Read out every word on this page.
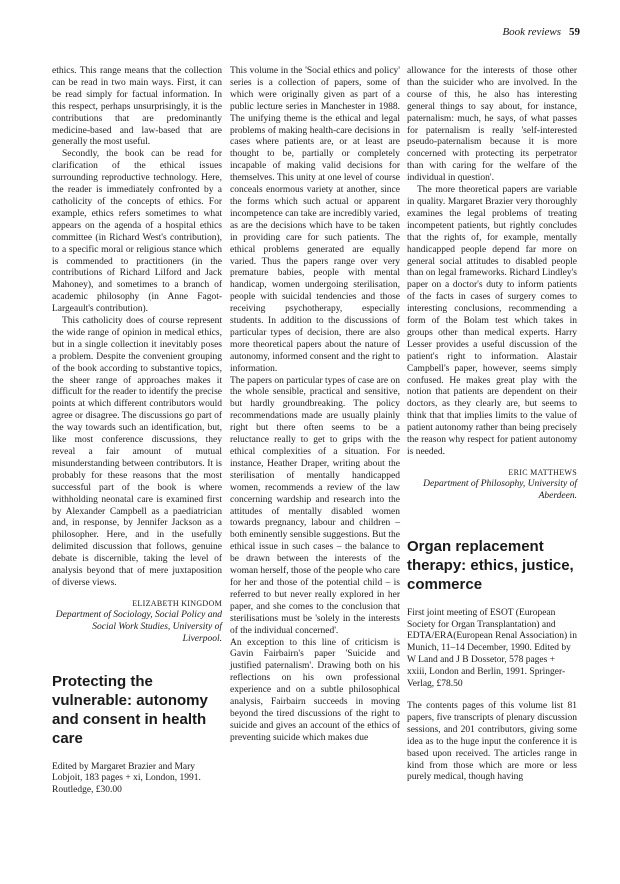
Book reviews 59

ethics. This range means that the collection can be read in two main ways. First, it can be read simply for factual information. In this respect, perhaps unsurprisingly, it is the contributions that are predominantly medicine-based and law-based that are generally the most useful.

Secondly, the book can be read for clarification of the ethical issues surrounding reproductive technology. Here, the reader is immediately confronted by a catholicity of the concepts of ethics. For example, ethics refers sometimes to what appears on the agenda of a hospital ethics committee (in Richard West's contribution), to a specific moral or religious stance which is commended to practitioners (in the contributions of Richard Lilford and Jack Mahoney), and sometimes to a branch of academic philosophy (in Anne Fagot-Largeault's contribution).

This catholicity does of course represent the wide range of opinion in medical ethics, but in a single collection it inevitably poses a problem. Despite the convenient grouping of the book according to substantive topics, the sheer range of approaches makes it difficult for the reader to identify the precise points at which different contributors would agree or disagree. The discussions go part of the way towards such an identification, but, like most conference discussions, they reveal a fair amount of mutual misunderstanding between contributors. It is probably for these reasons that the most successful part of the book is where withholding neonatal care is examined first by Alexander Campbell as a paediatrician and, in response, by Jennifer Jackson as a philosopher. Here, and in the usefully delimited discussion that follows, genuine debate is discernible, taking the level of analysis beyond that of mere juxtaposition of diverse views.

ELIZABETH KINGDOM
Department of Sociology, Social Policy and Social Work Studies, University of Liverpool.
Protecting the vulnerable: autonomy and consent in health care
Edited by Margaret Brazier and Mary Lobjoit, 183 pages + xi, London, 1991. Routledge, £30.00

This volume in the 'Social ethics and policy' series is a collection of papers, some of which were originally given as part of a public lecture series in Manchester in 1988. The unifying theme is the ethical and legal problems of making health-care decisions in cases where patients are, or at least are thought to be, partially or completely incapable of making valid decisions for themselves. This unity at one level of course conceals enormous variety at another, since the forms which such actual or apparent incompetence can take are incredibly varied, as are the decisions which have to be taken in providing care for such patients. The ethical problems generated are equally varied. Thus the papers range over very premature babies, people with mental handicap, women undergoing sterilisation, people with suicidal tendencies and those receiving psychotherapy, especially students. In addition to the discussions of particular types of decision, there are also more theoretical papers about the nature of autonomy, informed consent and the right to information.

The papers on particular types of case are on the whole sensible, practical and sensitive, but hardly groundbreaking. The policy recommendations made are usually plainly right but there often seems to be a reluctance really to get to grips with the ethical complexities of a situation. For instance, Heather Draper, writing about the sterilisation of mentally handicapped women, recommends a review of the law concerning wardship and research into the attitudes of mentally disabled women towards pregnancy, labour and children – both eminently sensible suggestions. But the ethical issue in such cases – the balance to be drawn between the interests of the woman herself, those of the people who care for her and those of the potential child – is referred to but never really explored in her paper, and she comes to the conclusion that sterilisations must be 'solely in the interests of the individual concerned'.

An exception to this line of criticism is Gavin Fairbairn's paper 'Suicide and justified paternalism'. Drawing both on his reflections on his own professional experience and on a subtle philosophical analysis, Fairbairn succeeds in moving beyond the tired discussions of the right to suicide and gives an account of the ethics of preventing suicide which makes due

allowance for the interests of those other than the suicider who are involved. In the course of this, he also has interesting general things to say about, for instance, paternalism: much, he says, of what passes for paternalism is really 'self-interested pseudo-paternalism because it is more concerned with protecting its perpetrator than with caring for the welfare of the individual in question'.

The more theoretical papers are variable in quality. Margaret Brazier very thoroughly examines the legal problems of treating incompetent patients, but rightly concludes that the rights of, for example, mentally handicapped people depend far more on general social attitudes to disabled people than on legal frameworks. Richard Lindley's paper on a doctor's duty to inform patients of the facts in cases of surgery comes to interesting conclusions, recommending a form of the Bolam test which takes in groups other than medical experts. Harry Lesser provides a useful discussion of the patient's right to information. Alastair Campbell's paper, however, seems simply confused. He makes great play with the notion that patients are dependent on their doctors, as they clearly are, but seems to think that that implies limits to the value of patient autonomy rather than being precisely the reason why respect for patient autonomy is needed.

ERIC MATTHEWS
Department of Philosophy, University of Aberdeen.
Organ replacement therapy: ethics, justice, commerce
First joint meeting of ESOT (European Society for Organ Transplantation) and EDTA/ERA(European Renal Association) in Munich, 11–14 December, 1990. Edited by W Land and J B Dossetor, 578 pages + xxiii, London and Berlin, 1991. Springer-Verlag, £78.50

The contents pages of this volume list 81 papers, five transcripts of plenary discussion sessions, and 201 contributors, giving some idea as to the huge input the conference it is based upon received. The articles range in kind from those which are more or less purely medical, though having
